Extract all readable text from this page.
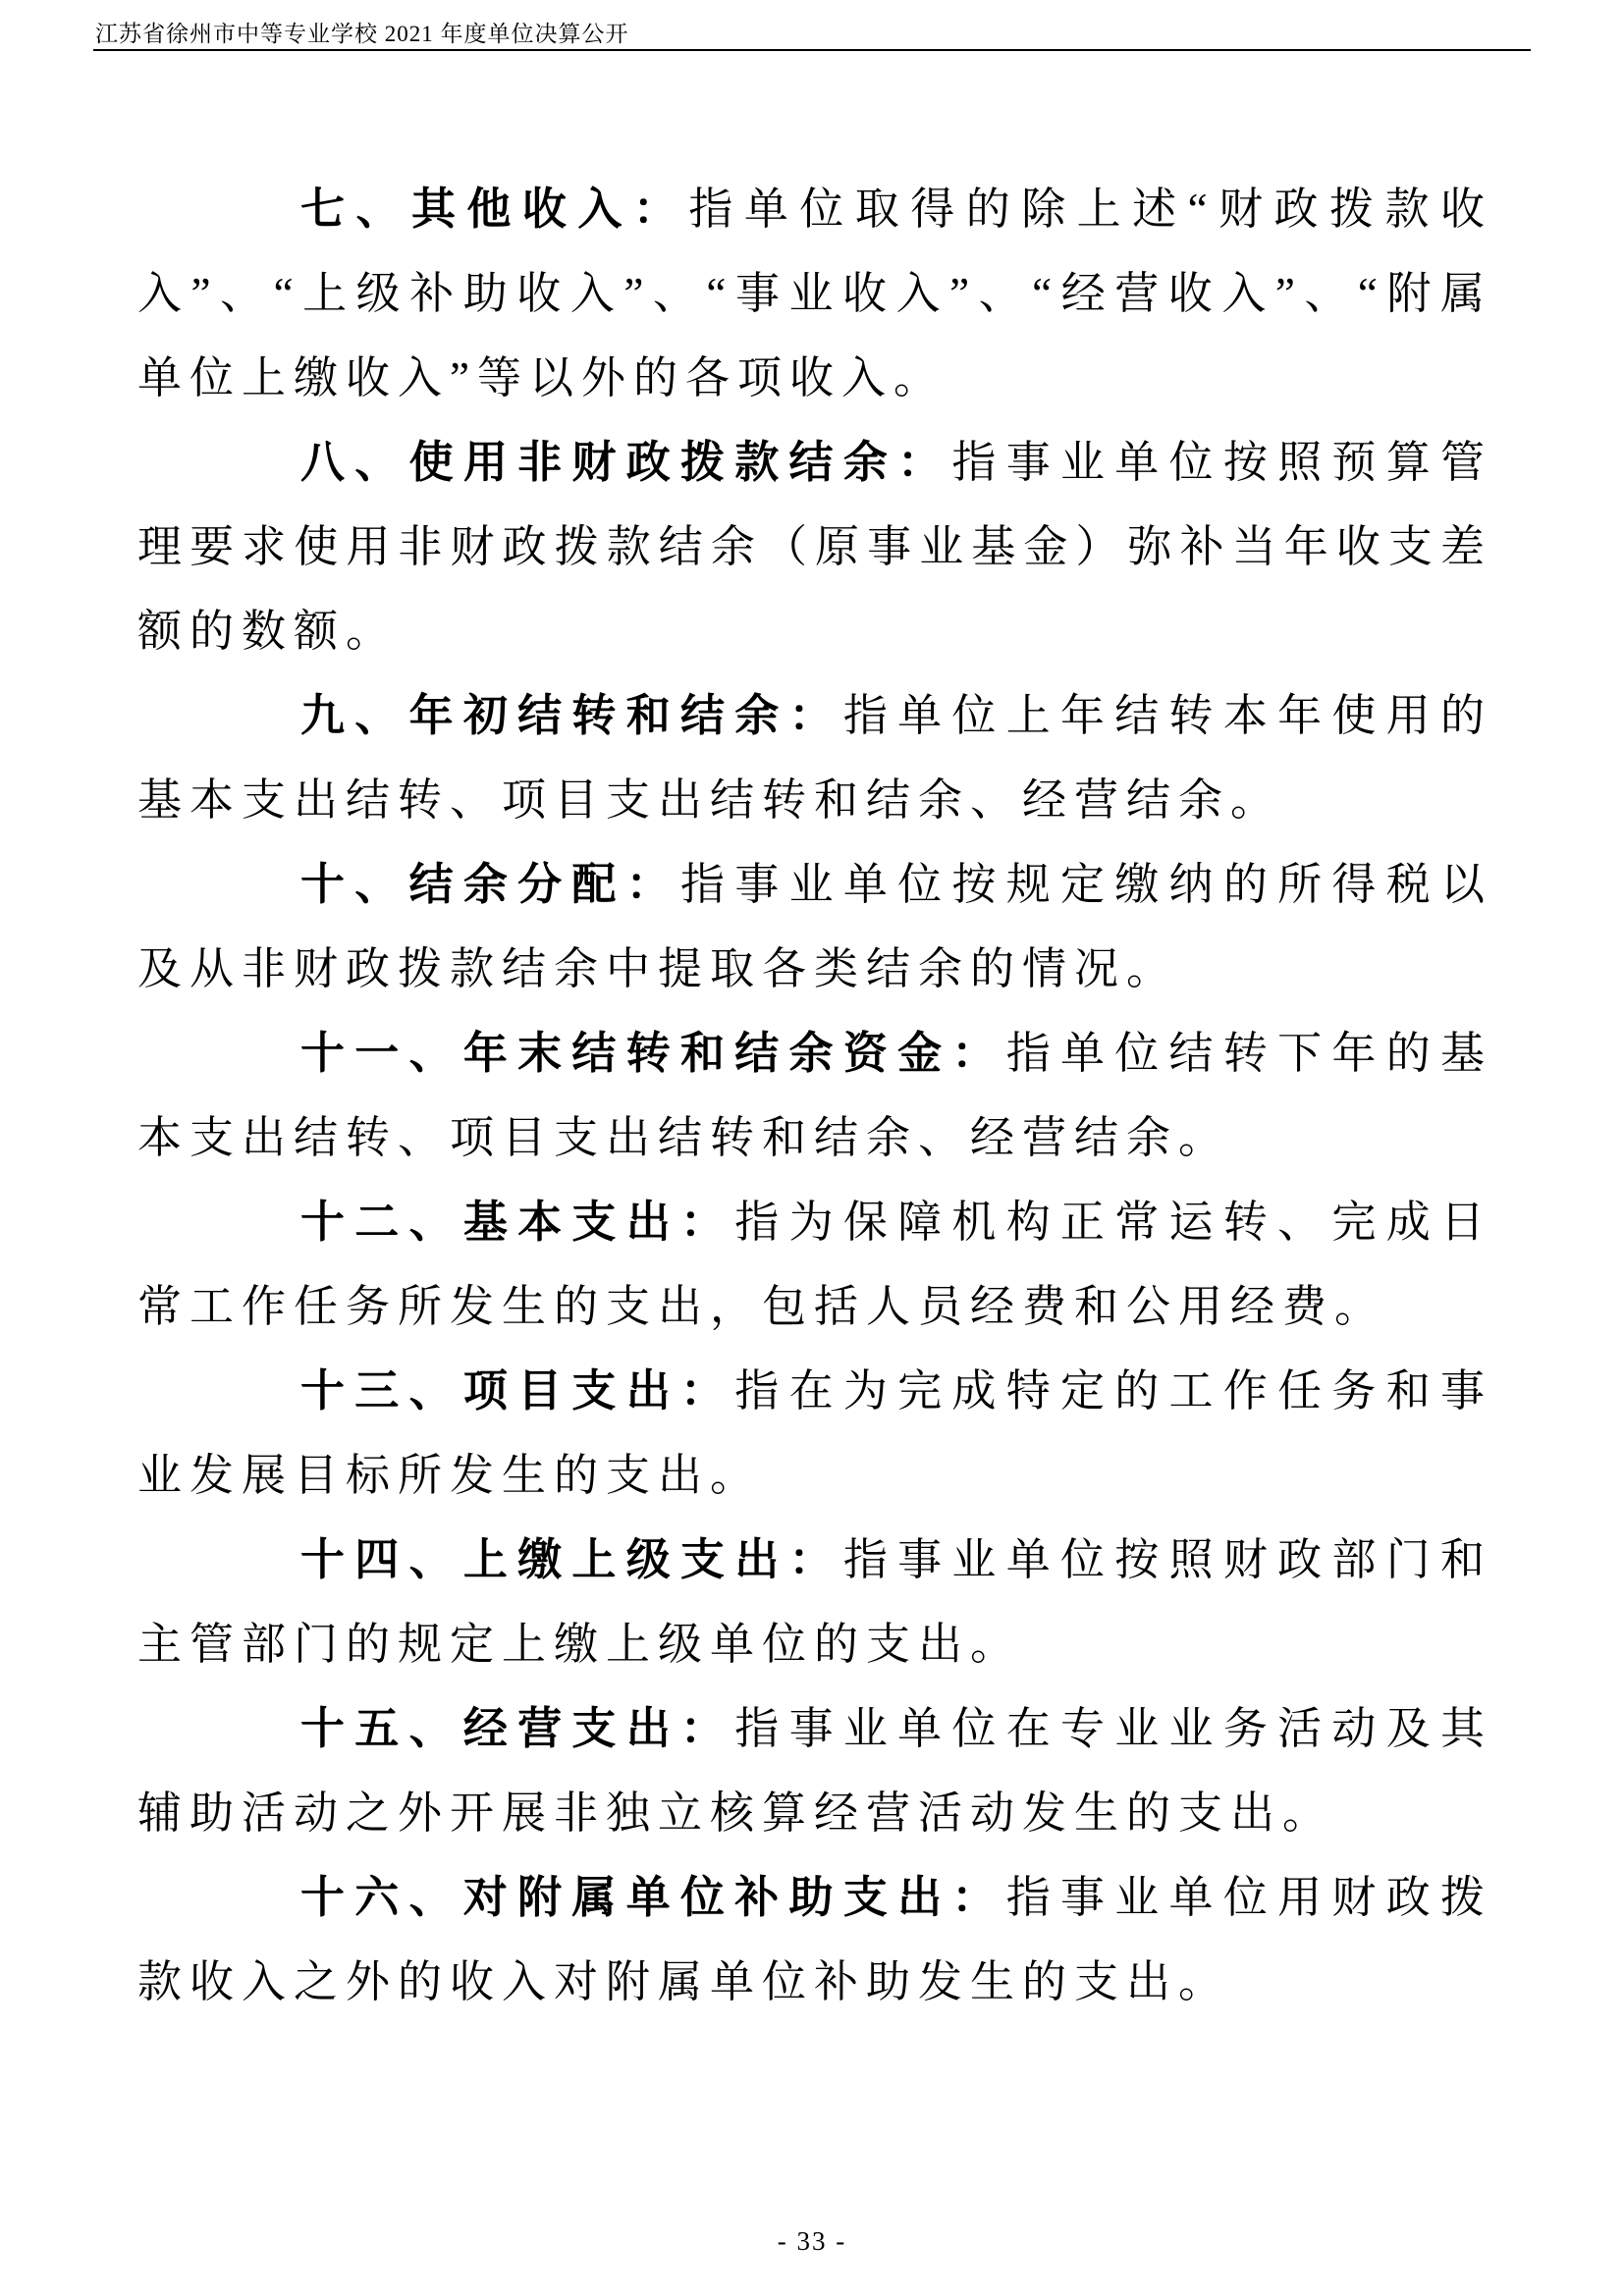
江苏省徐州市中等专业学校 2021 年度单位决算公开

七、其他收入：指单位取得的除上述“财政拨款收入”、“上级补助收入”、“事业收入”、“经营收入”、“附属单位上缴收入”等以外的各项收入。

八、使用非财政拨款结余：指事业单位按照预算管理要求使用非财政拨款结余（原事业基金）弥补当年收支差额的数额。

九、年初结转和结余：指单位上年结转本年使用的基本支出结转、项目支出结转和结余、经营结余。

十、结余分配：指事业单位按规定缴纳的所得税以及从非财政拨款结余中提取各类结余的情况。

十一、年末结转和结余资金：指单位结转下年的基本支出结转、项目支出结转和结余、经营结余。

十二、基本支出：指为保障机构正常运转、完成日常工作任务所发生的支出，包括人员经费和公用经费。

十三、项目支出：指在为完成特定的工作任务和事业发展目标所发生的支出。

十四、上缴上级支出：指事业单位按照财政部门和主管部门的规定上缴上级单位的支出。

十五、经营支出：指事业单位在专业业务活动及其辅助活动之外开展非独立核算经营活动发生的支出。

十六、对附属单位补助支出：指事业单位用财政拨款收入之外的收入对附属单位补助发生的支出。

- 33 -
